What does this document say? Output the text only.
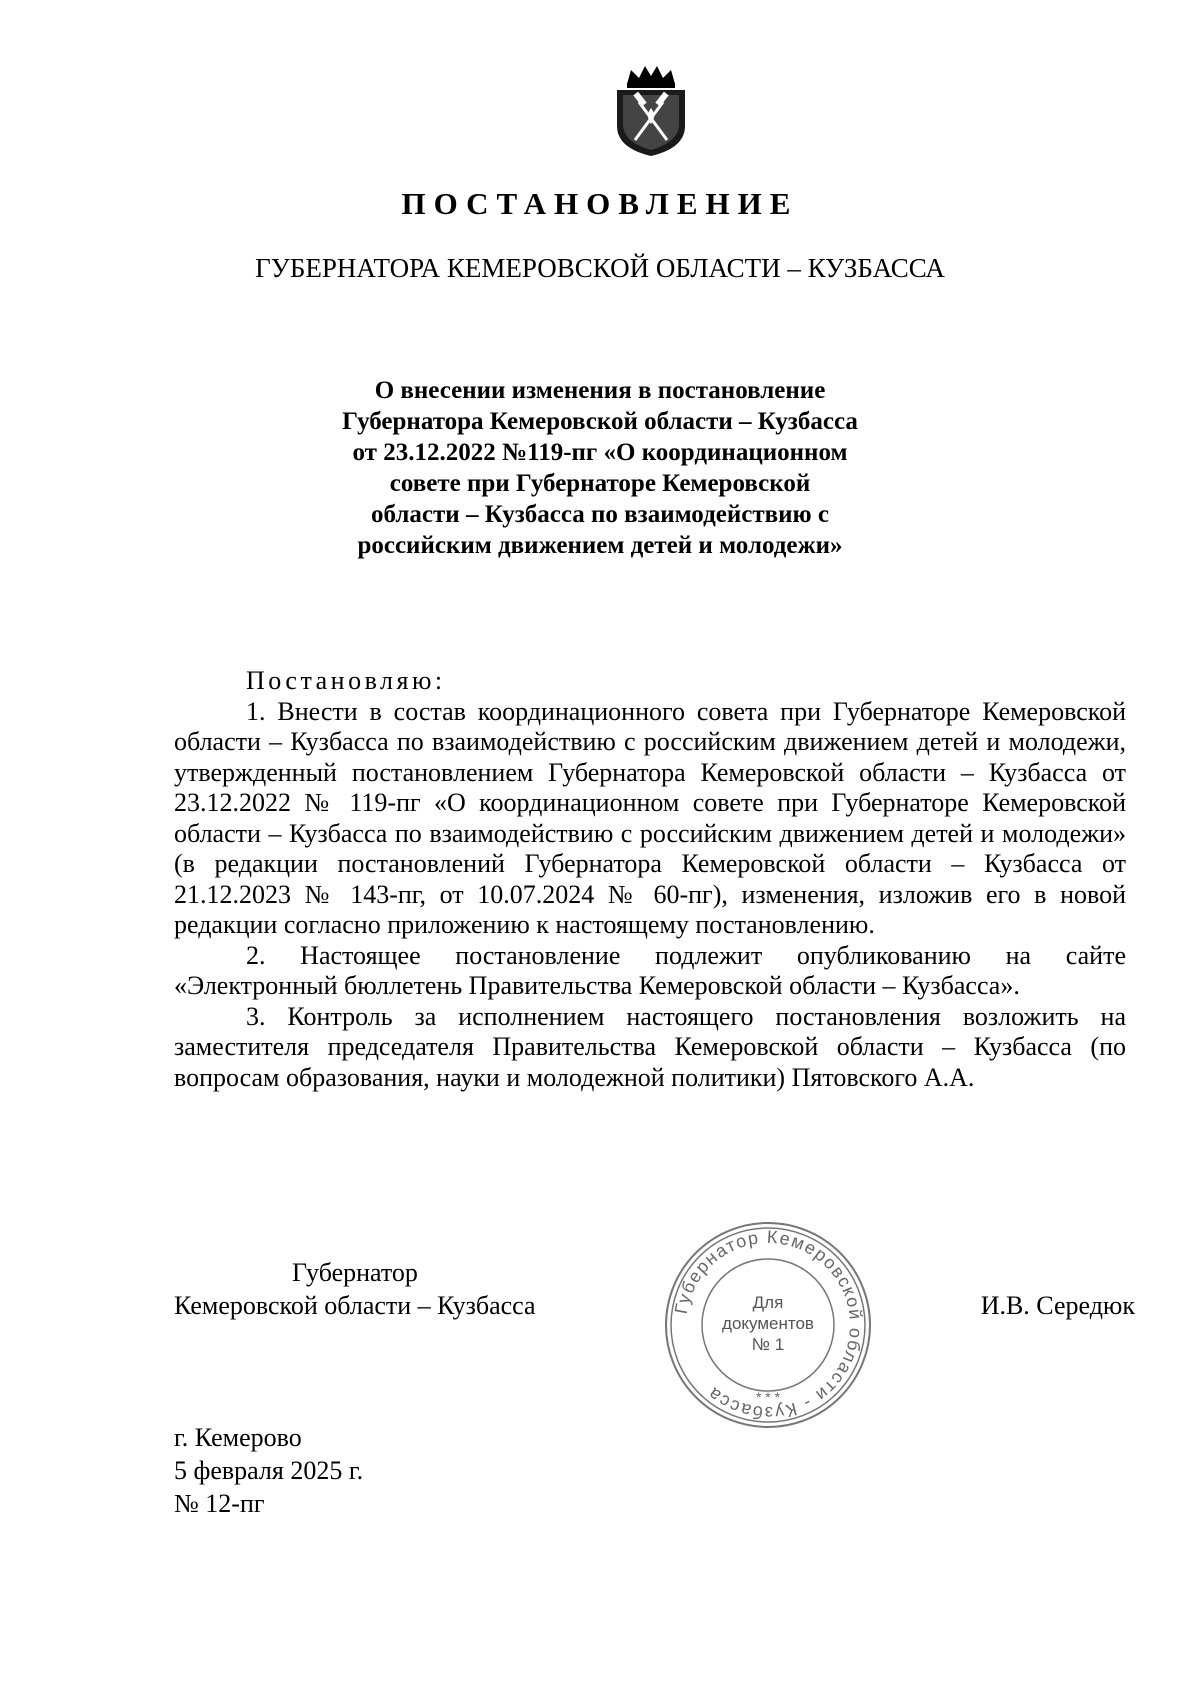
ПОСТАНОВЛЕНИЕ
ГУБЕРНАТОРА КЕМЕРОВСКОЙ ОБЛАСТИ – КУЗБАССА

О внесении изменения в постановление

Губернатора Кемеровской области – Кузбасса

от 23.12.2022 №119-пг «О координационном

совете при Губернаторе Кемеровской

области – Кузбасса по взаимодействию с

российским движением детей и молодежи»

Постановляю:

1. Внести в состав координационного совета при Губернаторе Кемеровской области – Кузбасса по взаимодействию с российским движением детей и молодежи, утвержденный постановлением Губернатора Кемеровской области – Кузбасса от 23.12.2022 № 119-пг «О координационном совете при Губернаторе Кемеровской области – Кузбасса по взаимодействию с российским движением детей и молодежи» (в редакции постановлений Губернатора Кемеровской области – Кузбасса от 21.12.2023 № 143-пг, от 10.07.2024 № 60-пг), изменения, изложив его в новой редакции согласно приложению к настоящему постановлению.

2. Настоящее постановление подлежит опубликованию на сайте «Электронный бюллетень Правительства Кемеровской области – Кузбасса».

3. Контроль за исполнением настоящего постановления возложить на заместителя председателя Правительства Кемеровской области – Кузбасса (по вопросам образования, науки и молодежной политики) Пятовского А.А.

Губернатор
Кемеровской области – Кузбасса	И.В. Середюк
Губернатор Кемеровской области - Кузбасса	* * *
Для
документов
№ 1
г. Кемерово
5 февраля 2025 г.
№ 12-пг
